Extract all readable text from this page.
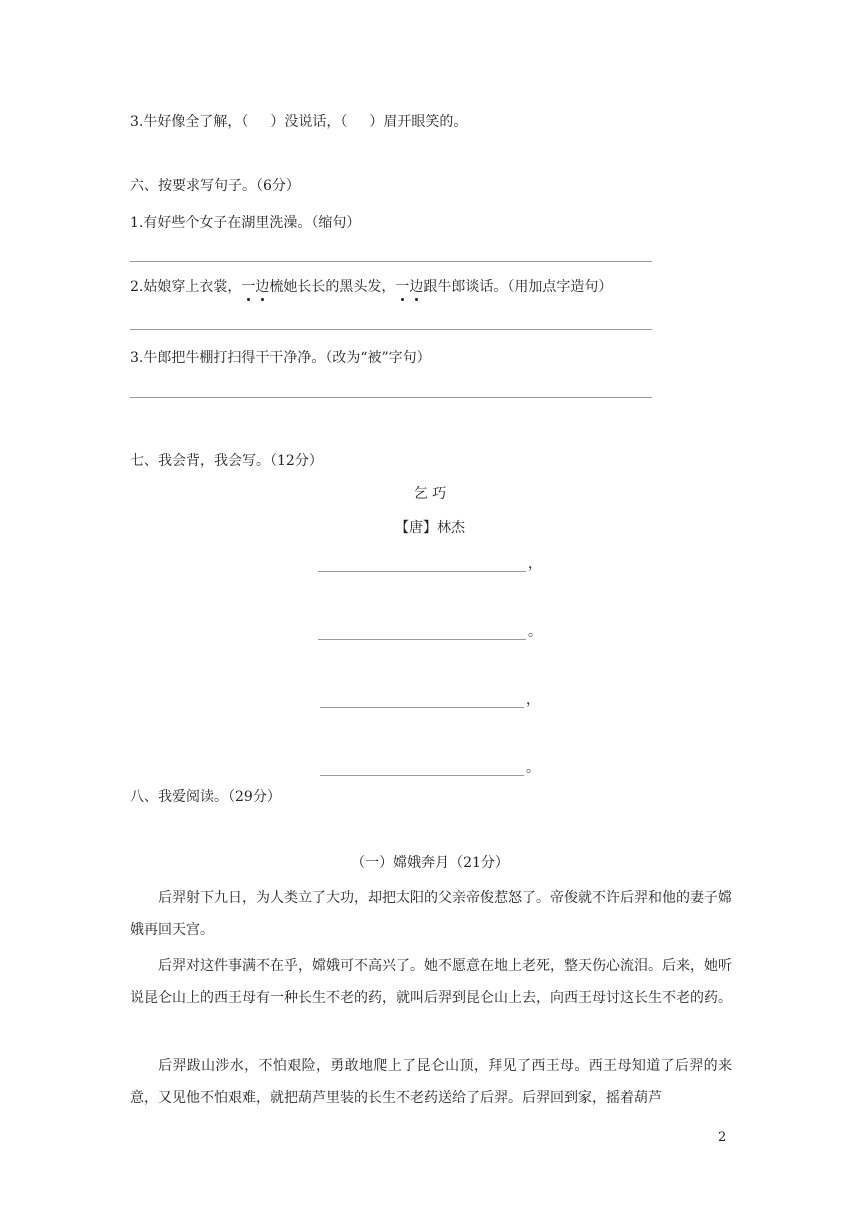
3.牛好像全了解，（ ）没说话，（ ）眉开眼笑的。
六、按要求写句子。（6分）
1.有好些个女子在湖里洗澡。（缩句）
2.姑娘穿上衣裳，一边梳她长长的黑头发，一边跟牛郎谈话。（用加点字造句）
3.牛郎把牛棚打扫得干干净净。（改为“被”字句）
七、我会背，我会写。（12分）
乞 巧
【唐】林杰
，
。
，
。
八、我爱阅读。（29分）
（一）嫦娥奔月（21分）
后羿射下九日，为人类立了大功，却把太阳的父亲帝俊惹怒了。帝俊就不许后羿和他的妻子嫦娥再回天宫。
后羿对这件事满不在乎，嫦娥可不高兴了。她不愿意在地上老死，整天伤心流泪。后来，她听说昆仑山上的西王母有一种长生不老的药，就叫后羿到昆仑山上去，向西王母讨这长生不老的药。
后羿跋山涉水，不怕艰险，勇敢地爬上了昆仑山顶，拜见了西王母。西王母知道了后羿的来意，又见他不怕艰难，就把葫芦里装的长生不老药送给了后羿。后羿回到家，摇着葫芦
2
